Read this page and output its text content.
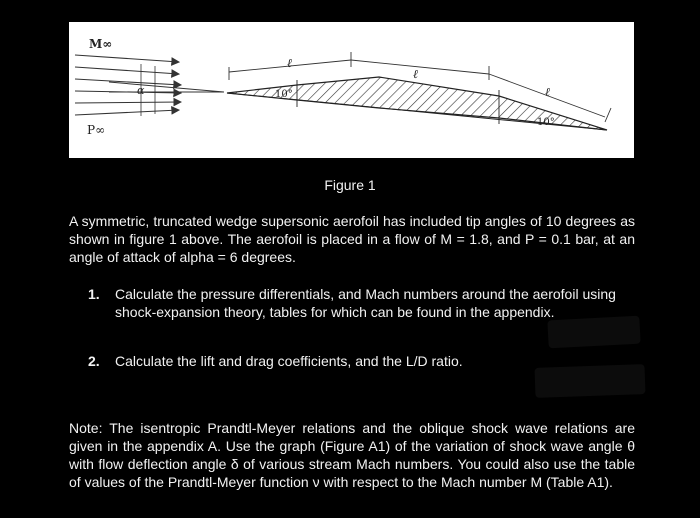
M∞
P∞
α
ℓ
ℓ
ℓ
10°
10°
Figure 1
A symmetric, truncated wedge supersonic aerofoil has included tip angles of 10 degrees as shown in figure 1 above. The aerofoil is placed in a flow of M = 1.8, and P = 0.1 bar, at an angle of attack of alpha = 6 degrees.
1.	Calculate the pressure differentials, and Mach numbers around the aerofoil using shock-expansion theory, tables for which can be found in the appendix.
2.	Calculate the lift and drag coefficients, and the L/D ratio.
Note: The isentropic Prandtl-Meyer relations and the oblique shock wave relations are given in the appendix A. Use the graph (Figure A1) of the variation of shock wave angle θ with flow deflection angle δ of various stream Mach numbers. You could also use the table of values of the Prandtl-Meyer function ν with respect to the Mach number M (Table A1).
